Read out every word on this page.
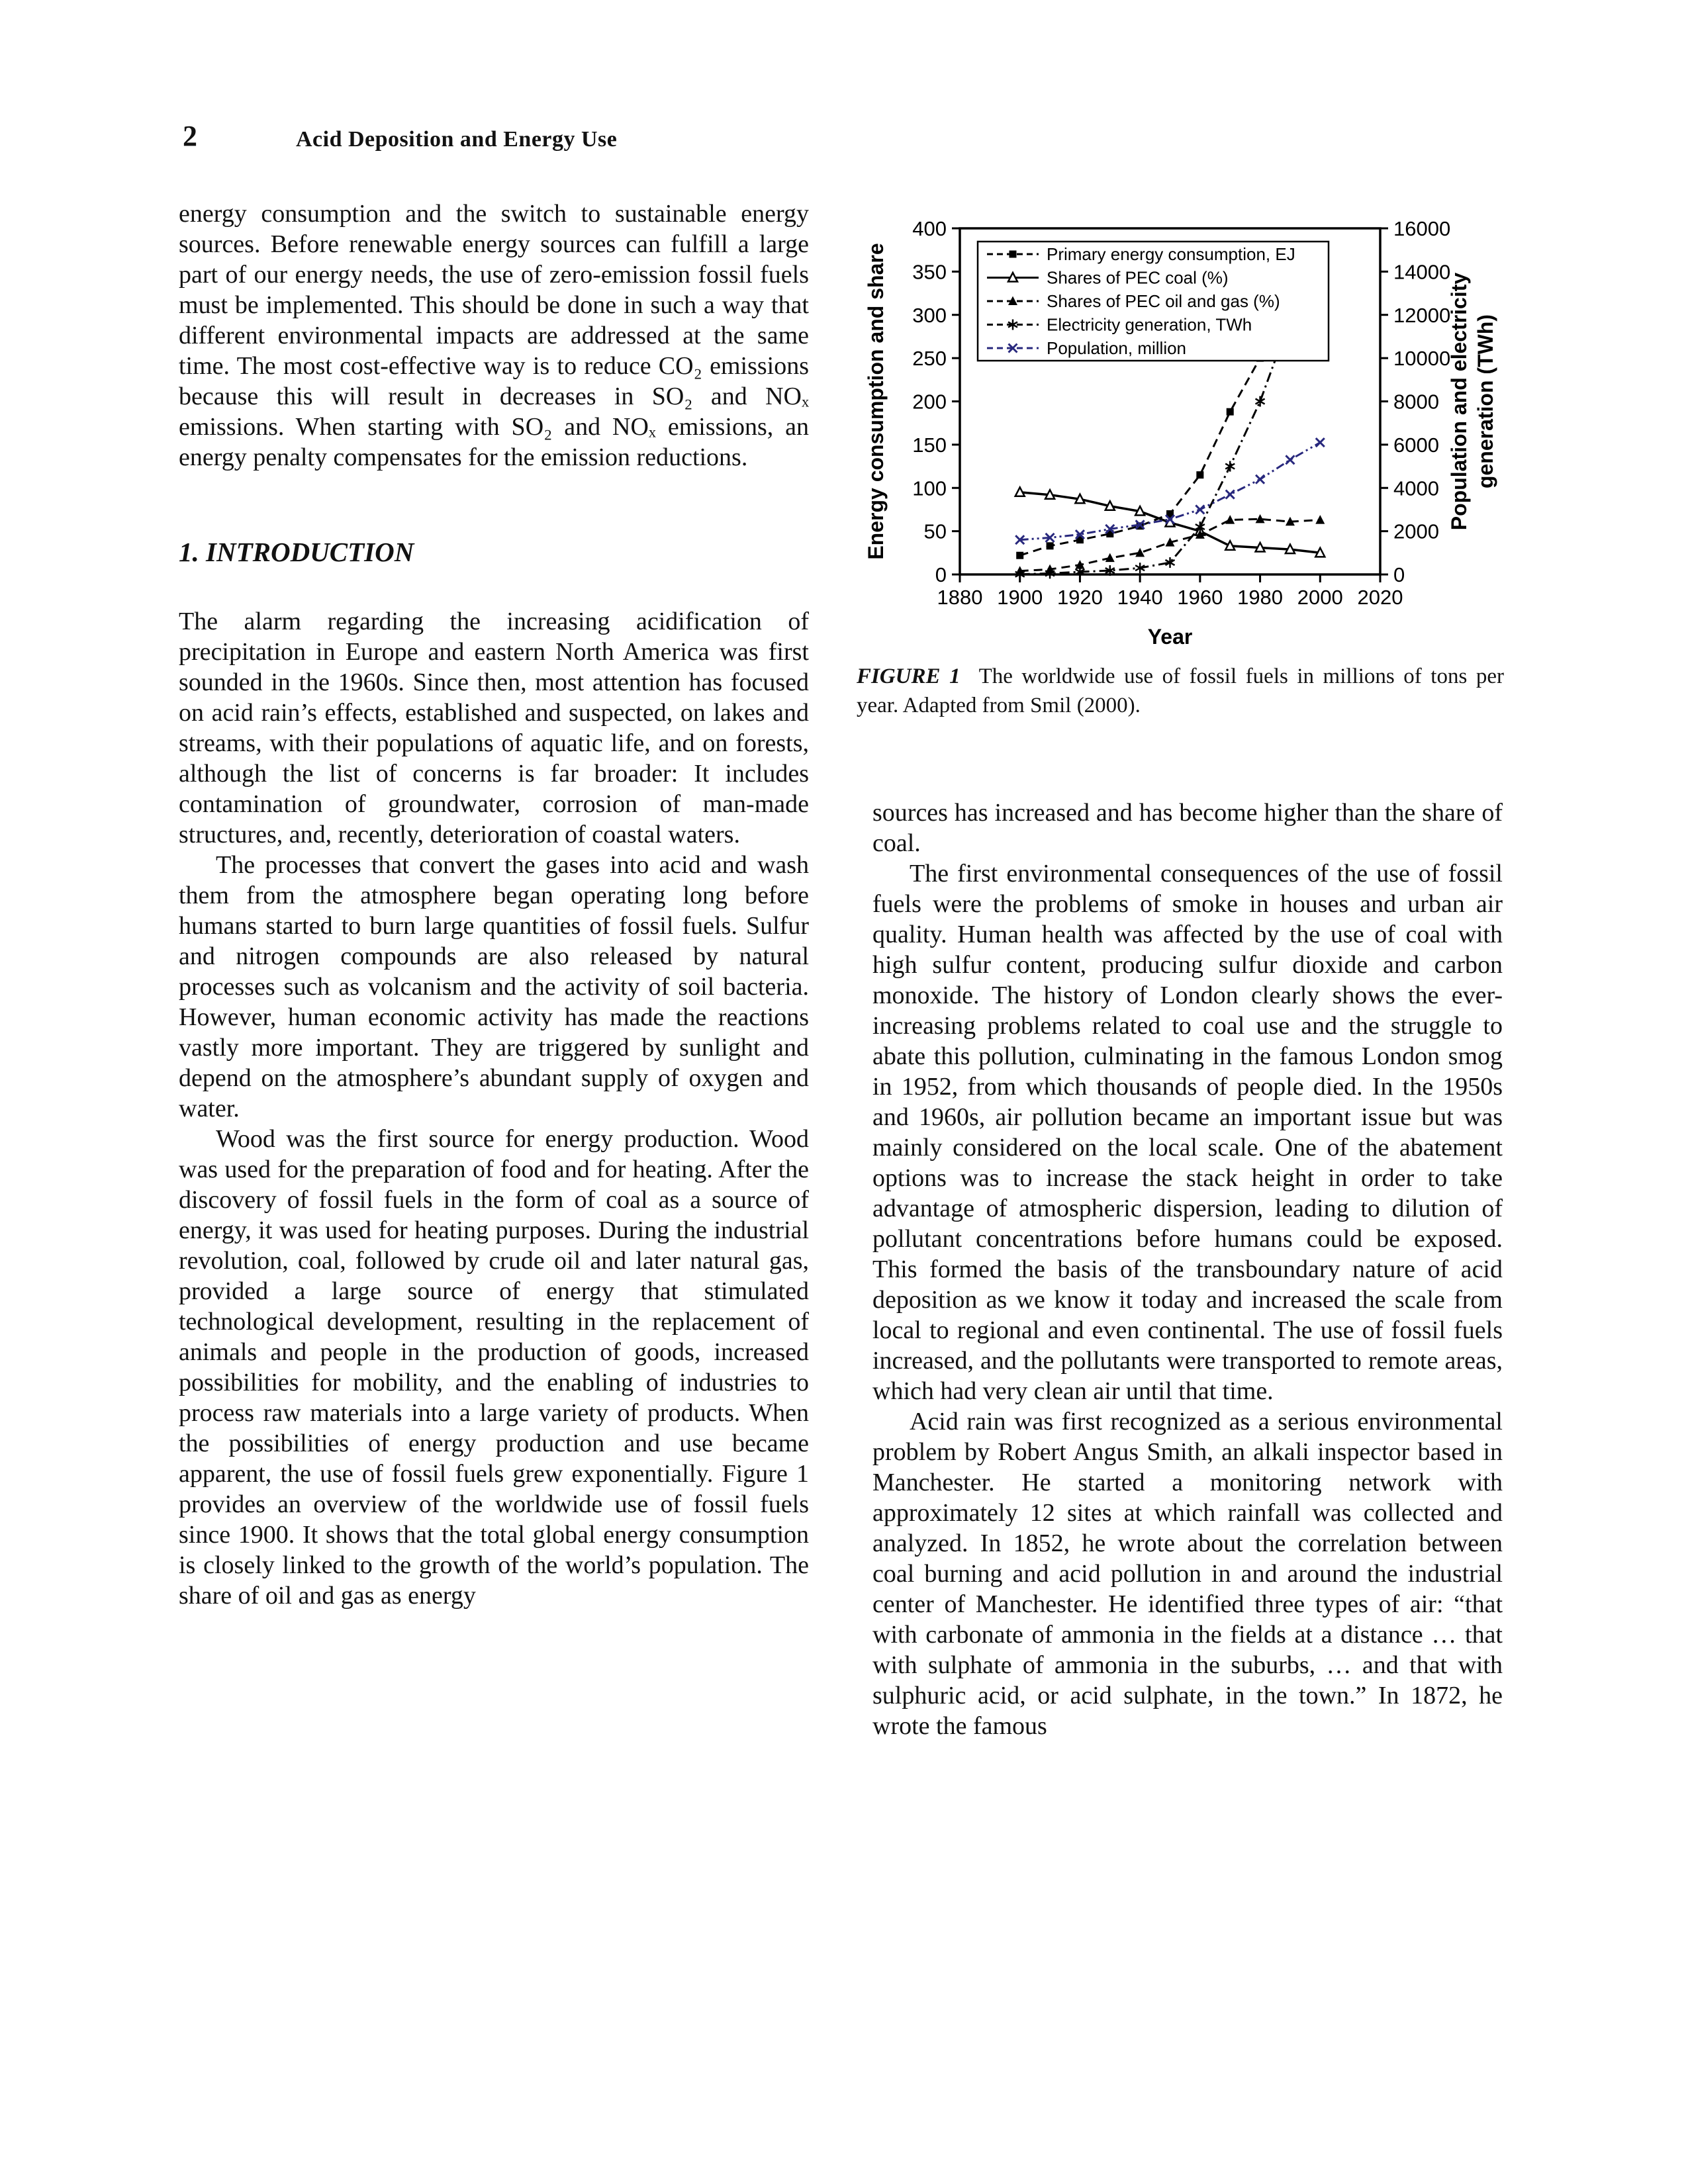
2	Acid Deposition and Energy Use

energy consumption and the switch to sustainable energy sources. Before renewable energy sources can fulfill a large part of our energy needs, the use of zero-emission fossil fuels must be implemented. This should be done in such a way that different environmental impacts are addressed at the same time. The most cost-effective way is to reduce CO₂ emissions because this will result in decreases in SO₂ and NOₓ emissions. When starting with SO₂ and NOₓ emissions, an energy penalty compensates for the emission reductions.

1. INTRODUCTION

The alarm regarding the increasing acidification of precipitation in Europe and eastern North America was first sounded in the 1960s. Since then, most attention has focused on acid rain’s effects, established and suspected, on lakes and streams, with their populations of aquatic life, and on forests, although the list of concerns is far broader: It includes contamination of groundwater, corrosion of man-made structures, and, recently, deterioration of coastal waters.

The processes that convert the gases into acid and wash them from the atmosphere began operating long before humans started to burn large quantities of fossil fuels. Sulfur and nitrogen compounds are also released by natural processes such as volcanism and the activity of soil bacteria. However, human economic activity has made the reactions vastly more important. They are triggered by sunlight and depend on the atmosphere’s abundant supply of oxygen and water.

Wood was the first source for energy production. Wood was used for the preparation of food and for heating. After the discovery of fossil fuels in the form of coal as a source of energy, it was used for heating purposes. During the industrial revolution, coal, followed by crude oil and later natural gas, provided a large source of energy that stimulated technological development, resulting in the replacement of animals and people in the production of goods, increased possibilities for mobility, and the enabling of industries to process raw materials into a large variety of products. When the possibilities of energy production and use became apparent, the use of fossil fuels grew exponentially. Figure 1 provides an overview of the worldwide use of fossil fuels since 1900. It shows that the total global energy consumption is closely linked to the growth of the world’s population. The share of oil and gas as energy

1880 1900 1920 1940 1960 1980 2000 2020
0
50
100
150
200
250
300
350
400
0
2000
4000
6000
8000
10000
12000
14000
16000
Year
Energy consumption and share	Population and electricity generation (TWh)
Primary energy consumption, EJ
Shares of PEC coal (%)
Shares of PEC oil and gas (%)
Electricity generation, TWh
Population, million
FIGURE 1 The worldwide use of fossil fuels in millions of tons per year. Adapted from Smil (2000).

sources has increased and has become higher than the share of coal.

The first environmental consequences of the use of fossil fuels were the problems of smoke in houses and urban air quality. Human health was affected by the use of coal with high sulfur content, producing sulfur dioxide and carbon monoxide. The history of London clearly shows the ever-increasing problems related to coal use and the struggle to abate this pollution, culminating in the famous London smog in 1952, from which thousands of people died. In the 1950s and 1960s, air pollution became an important issue but was mainly considered on the local scale. One of the abatement options was to increase the stack height in order to take advantage of atmospheric dispersion, leading to dilution of pollutant concentrations before humans could be exposed. This formed the basis of the transboundary nature of acid deposition as we know it today and increased the scale from local to regional and even continental. The use of fossil fuels increased, and the pollutants were transported to remote areas, which had very clean air until that time.

Acid rain was first recognized as a serious environmental problem by Robert Angus Smith, an alkali inspector based in Manchester. He started a monitoring network with approximately 12 sites at which rainfall was collected and analyzed. In 1852, he wrote about the correlation between coal burning and acid pollution in and around the industrial center of Manchester. He identified three types of air: “that with carbonate of ammonia in the fields at a distance … that with sulphate of ammonia in the suburbs, … and that with sulphuric acid, or acid sulphate, in the town.” In 1872, he wrote the famous
